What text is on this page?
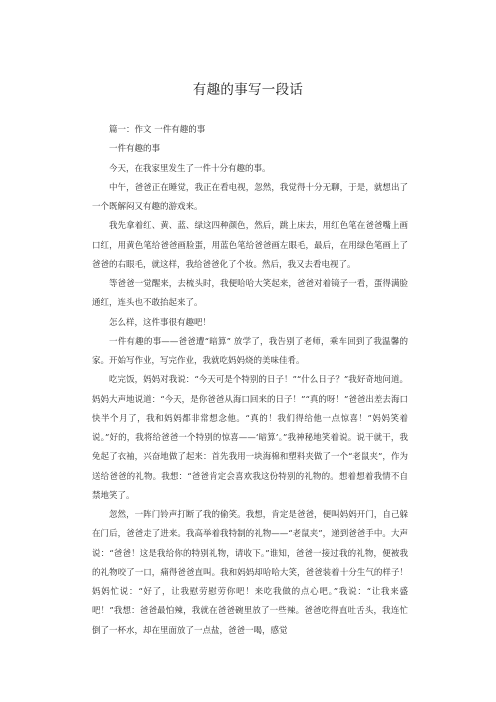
有趣的事写一段话

篇一：作文 一件有趣的事

一件有趣的事

今天，在我家里发生了一件十分有趣的事。

中午，爸爸正在睡觉，我正在看电视，忽然，我觉得十分无聊，于是，就想出了一个既解闷又有趣的游戏来。

我先拿着红、黄、蓝、绿这四种颜色，然后，跳上床去，用红色笔在爸爸嘴上画口红，用黄色笔给爸爸画脸蛋，用蓝色笔给爸爸画左眼毛，最后，在用绿色笔画上了爸爸的右眼毛，就这样，我给爸爸化了个妆。然后，我又去看电视了。

等爸爸一觉醒来，去梳头时，我便哈哈大笑起来，爸爸对着镜子一看，蛋得满脸通红，连头也不敢抬起来了。

怎么样，这件事很有趣吧！

一件有趣的事——爸爸遭“暗算” 放学了，我告别了老师，乘车回到了我温馨的家。开始写作业，写完作业，我就吃妈妈烧的美味佳肴。

吃完饭，妈妈对我说：“今天可是个特别的日子！”“什么日子？”我好奇地问道。妈妈大声地说道：“今天，是你爸爸从海口回来的日子！”“真的呀！”爸爸出差去海口快半个月了，我和妈妈都非常想念他。“真的！我们得给他一点惊喜！”妈妈笑着说。”好的，我将给爸爸一个特别的惊喜——‘暗算’。”我神秘地笑着说。说干就干，我免起了衣袖，兴奋地做了起来：首先我用一块海棉和塑料夹做了一个“老鼠夹”，作为送给爸爸的礼物。我想：“爸爸肯定会喜欢我这份特别的礼物的。想着想着我情不自禁地笑了。

忽然，一阵门铃声打断了我的偷笑。我想，肯定是爸爸，便叫妈妈开门，自己躲在门后，爸爸走了进来。我高举着我特制的礼物——“老鼠夹”，递到爸爸手中。大声说：“爸爸！这是我给你的特别礼物，请收下。”谁知，爸爸一接过我的礼物，便被我的礼物咬了一口，痛得爸爸直叫。我和妈妈却哈哈大笑，爸爸装着十分生气的样子！妈妈忙说：“好了，让我慰劳慰劳你吧！来吃我做的点心吧。”我说：“让我来盛吧！”我想：爸爸最怕辣，我就在爸爸碗里放了一些辣。爸爸吃得直吐舌头，我连忙倒了一杯水，却在里面放了一点盐，爸爸一喝，感觉
